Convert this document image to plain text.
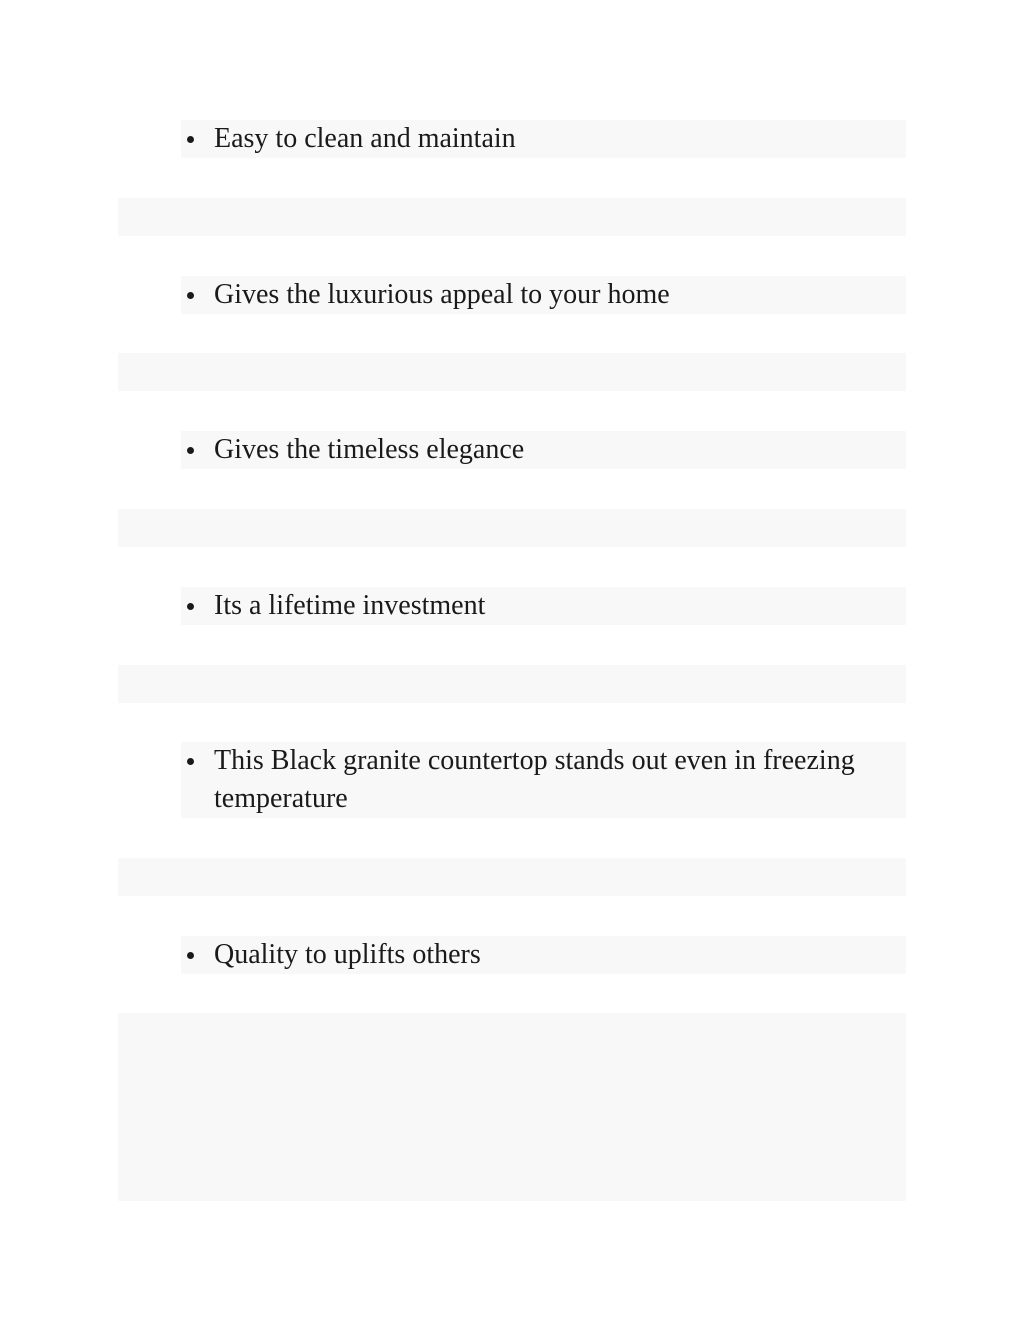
Easy to clean and maintain
Gives the luxurious appeal to your home
Gives the timeless elegance
Its a lifetime investment
This Black granite countertop stands out even in freezing temperature
Quality to uplifts others
